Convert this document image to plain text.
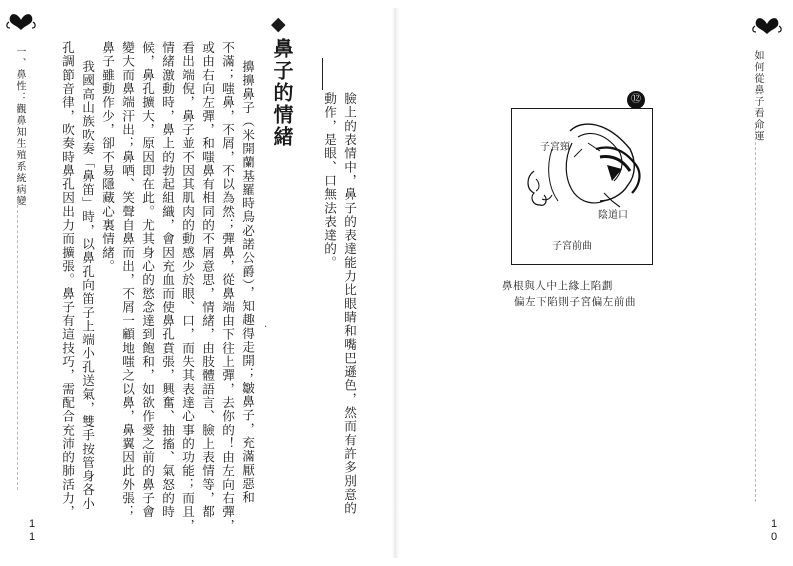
一、鼻性：觀鼻知生殖系統病變

11

◆

鼻子的情緒

擤擤鼻子（米開蘭基羅時鳥必諾公爵），知趣得走開；皺鼻子，充滿厭惡和

不滿；嗤鼻，不屑，不以為然；彈鼻，從鼻端由下往上彈，去你的！由左向右彈，

或由右向左彈，和嗤鼻有相同的不屑意思，情緒，由肢體語言、臉上表情等，都

看出端倪，鼻子並不因其肌肉的動感少於眼、口，而失其表達心事的功能；而且，

情緒激動時，鼻上的勃起組織，會因充血而使鼻孔賁張，興奮、抽搐、氣怒的時

候，鼻孔擴大，原因即在此。尤其身心的慾念達到飽和，如欲作愛之前的鼻子會

變大而鼻端汗出；鼻哂、笑聲自鼻而出，不屑一顧地嗤之以鼻，鼻翼因此外張；

鼻子雖動作少，卻不易隱藏心裏情緒。

我國高山族吹奏「鼻笛」時，以鼻孔向笛子上端小孔送氣，雙手按管身各小

孔調節音律，吹奏時鼻孔因出力而擴張。鼻子有這技巧，需配合充沛的肺活力，	·	臉上的表情中，鼻子的表達能力比眼睛和嘴巴遜色，然而有許多別意的

動作，是眼、口無法表達的。	⑫
子宮頸
陰道口
子宮前曲

鼻根與人中上緣上陷劃

偏左下陷則子宮偏左前曲

如何從鼻子看命運

10
